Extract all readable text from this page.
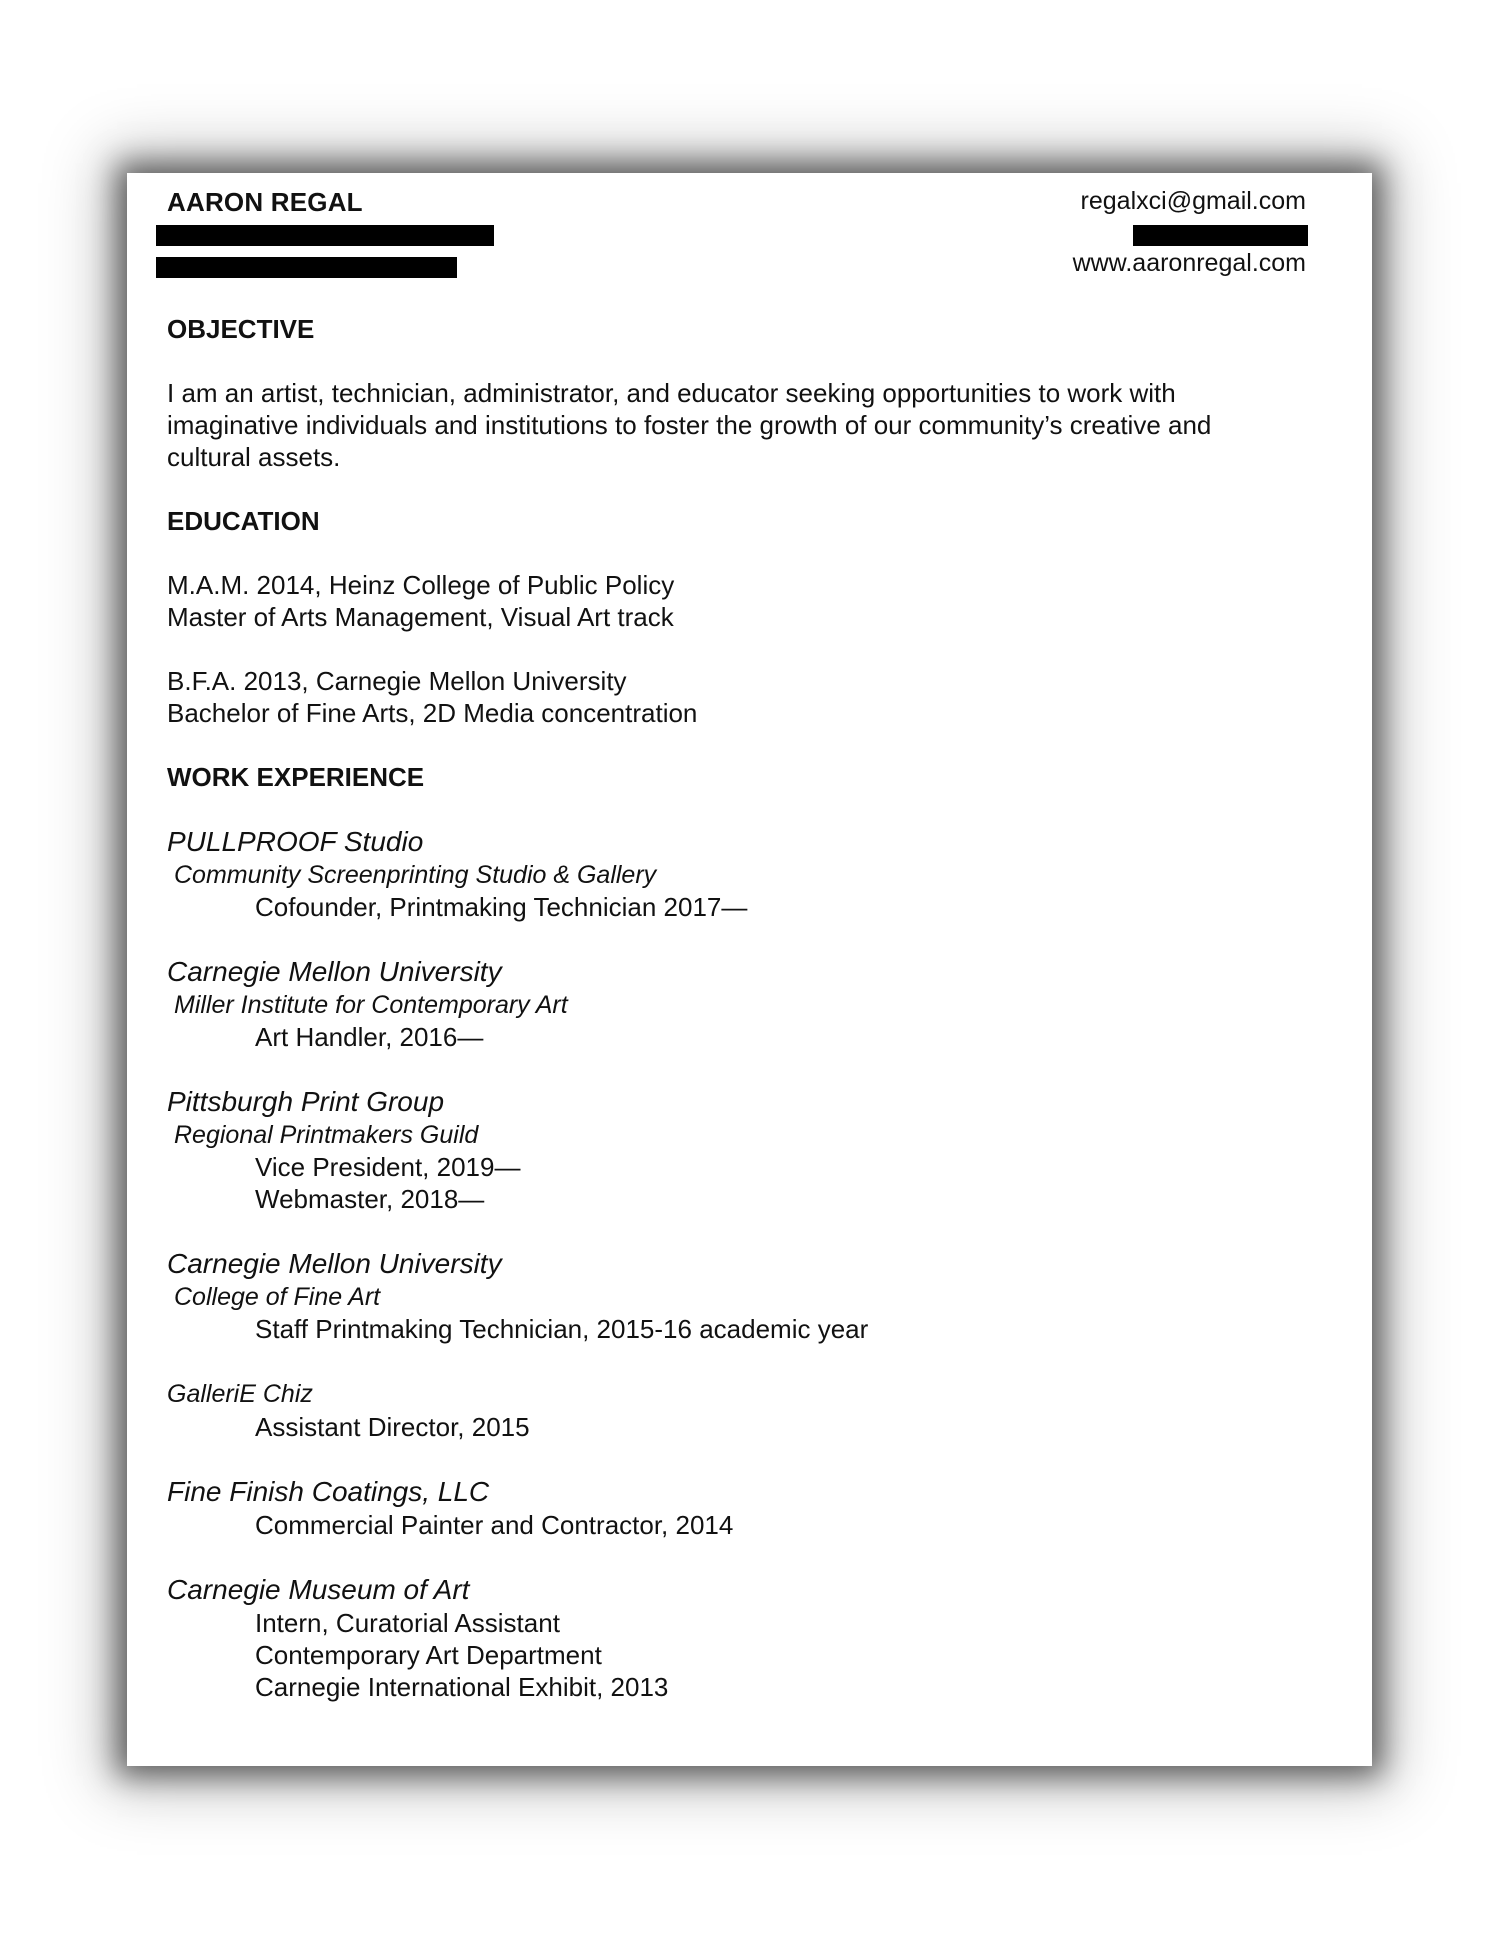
AARON REGAL	regalxci@gmail.com
www.aaronregal.com
OBJECTIVE
I am an artist, technician, administrator, and educator seeking opportunities to work with
imaginative individuals and institutions to foster the growth of our community’s creative and
cultural assets.
EDUCATION
M.A.M. 2014, Heinz College of Public Policy
Master of Arts Management, Visual Art track
B.F.A. 2013, Carnegie Mellon University
Bachelor of Fine Arts, 2D Media concentration
WORK EXPERIENCE
PULLPROOF Studio
Community Screenprinting Studio & Gallery
Cofounder, Printmaking Technician 2017—
Carnegie Mellon University
Miller Institute for Contemporary Art
Art Handler, 2016—
Pittsburgh Print Group
Regional Printmakers Guild
Vice President, 2019—
Webmaster, 2018—
Carnegie Mellon University
College of Fine Art
Staff Printmaking Technician, 2015-16 academic year
GalleriE Chiz
Assistant Director, 2015
Fine Finish Coatings, LLC
Commercial Painter and Contractor, 2014
Carnegie Museum of Art
Intern, Curatorial Assistant
Contemporary Art Department
Carnegie International Exhibit, 2013
